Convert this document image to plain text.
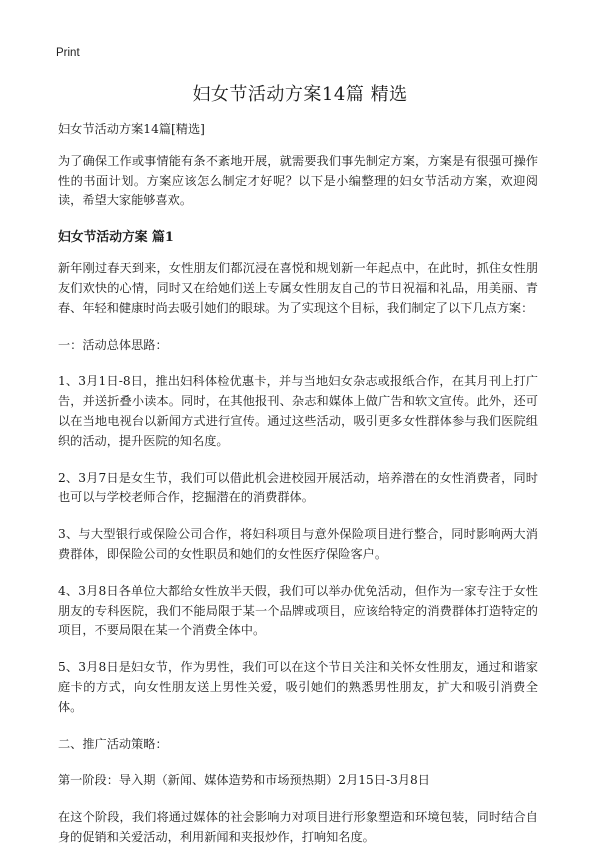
Print
妇女节活动方案14篇 精选

妇女节活动方案14篇[精选]

为了确保工作或事情能有条不紊地开展，就需要我们事先制定方案，方案是有很强可操作性的书面计划。方案应该怎么制定才好呢？以下是小编整理的妇女节活动方案，欢迎阅读，希望大家能够喜欢。

妇女节活动方案 篇1

新年刚过春天到来，女性朋友们都沉浸在喜悦和规划新一年起点中，在此时，抓住女性朋友们欢快的心情，同时又在给她们送上专属女性朋友自己的节日祝福和礼品，用美丽、青春、年轻和健康时尚去吸引她们的眼球。为了实现这个目标，我们制定了以下几点方案：

一：活动总体思路：

1、3月1日-8日，推出妇科体检优惠卡，并与当地妇女杂志或报纸合作，在其月刊上打广告，并送折叠小读本。同时，在其他报刊、杂志和媒体上做广告和软文宣传。此外，还可以在当地电视台以新闻方式进行宣传。通过这些活动，吸引更多女性群体参与我们医院组织的活动，提升医院的知名度。

2、3月7日是女生节，我们可以借此机会进校园开展活动，培养潜在的女性消费者，同时也可以与学校老师合作，挖掘潜在的消费群体。

3、与大型银行或保险公司合作，将妇科项目与意外保险项目进行整合，同时影响两大消费群体，即保险公司的女性职员和她们的女性医疗保险客户。

4、3月8日各单位大都给女性放半天假，我们可以举办优免活动，但作为一家专注于女性朋友的专科医院，我们不能局限于某一个品牌或项目，应该给特定的消费群体打造特定的项目，不要局限在某一个消费全体中。

5、3月8日是妇女节，作为男性，我们可以在这个节日关注和关怀女性朋友，通过和谐家庭卡的方式，向女性朋友送上男性关爱，吸引她们的熟悉男性朋友，扩大和吸引消费全体。

二、推广活动策略：

第一阶段：导入期（新闻、媒体造势和市场预热期）2月15日-3月8日

在这个阶段，我们将通过媒体的社会影响力对项目进行形象塑造和环境包装，同时结合自身的促销和关爱活动，利用新闻和夹报炒作，打响知名度。
